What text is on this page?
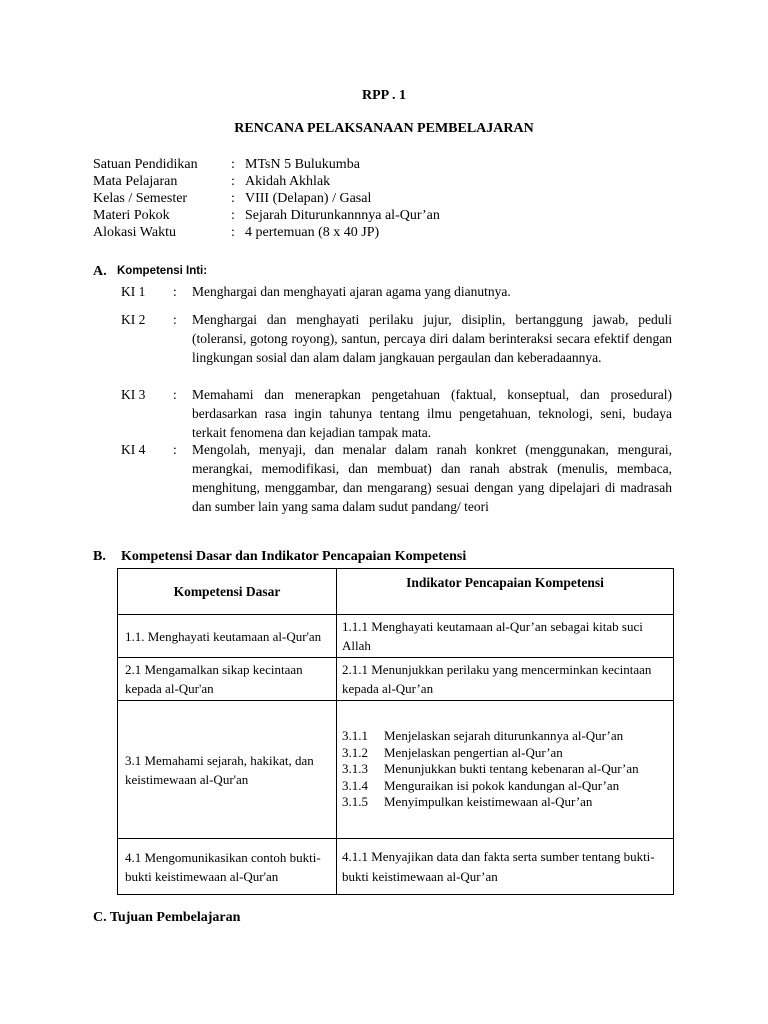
RPP . 1
RENCANA PELAKSANAAN PEMBELAJARAN
Satuan Pendidikan : MTsN 5 Bulukumba
Mata Pelajaran	: Akidah Akhlak
Kelas / Semester	: VIII (Delapan) / Gasal
Materi Pokok	: Sejarah Diturunkannnya al-Qur’an
Alokasi Waktu	: 4 pertemuan (8 x 40 JP)
A. Kompetensi Inti:
KI 1 : Menghargai dan menghayati ajaran agama yang dianutnya.
KI 2 : Menghargai dan menghayati perilaku jujur, disiplin, bertanggung jawab, peduli (toleransi, gotong royong), santun, percaya diri dalam berinteraksi secara efektif dengan lingkungan sosial dan alam dalam jangkauan pergaulan dan keberadaannya.
KI 3 : Memahami dan menerapkan pengetahuan (faktual, konseptual, dan prosedural) berdasarkan rasa ingin tahunya tentang ilmu pengetahuan, teknologi, seni, budaya terkait fenomena dan kejadian tampak mata.
KI 4 : Mengolah, menyaji, dan menalar dalam ranah konkret (menggunakan, mengurai, merangkai, memodifikasi, dan membuat) dan ranah abstrak (menulis, membaca, menghitung, menggambar, dan mengarang) sesuai dengan yang dipelajari di madrasah dan sumber lain yang sama dalam sudut pandang/ teori
B. Kompetensi Dasar dan Indikator Pencapaian Kompetensi
Kompetensi Dasar	Indikator Pencapaian Kompetensi
1.1. Menghayati keutamaan al-Qur'an	1.1.1 Menghayati keutamaan al-Qur’an sebagai kitab suci Allah

2.1 Mengamalkan sikap kecintaan kepada al-Qur'an	2.1.1 Menunjukkan perilaku yang mencerminkan kecintaan kepada al-Qur’an

3.1 Memahami sejarah, hakikat, dan keistimewaan al-Qur'an	3.1.1 Menjelaskan sejarah diturunkannya al-Qur’an
3.1.2 Menjelaskan pengertian al-Qur’an
3.1.3 Menunjukkan bukti tentang kebenaran al-Qur’an
3.1.4 Menguraikan isi pokok kandungan al-Qur’an
3.1.5 Menyimpulkan keistimewaan al-Qur’an

4.1 Mengomunikasikan contoh bukti-bukti keistimewaan al-Qur'an	4.1.1 Menyajikan data dan fakta serta sumber tentang bukti-bukti keistimewaan al-Qur’an
C. Tujuan Pembelajaran
